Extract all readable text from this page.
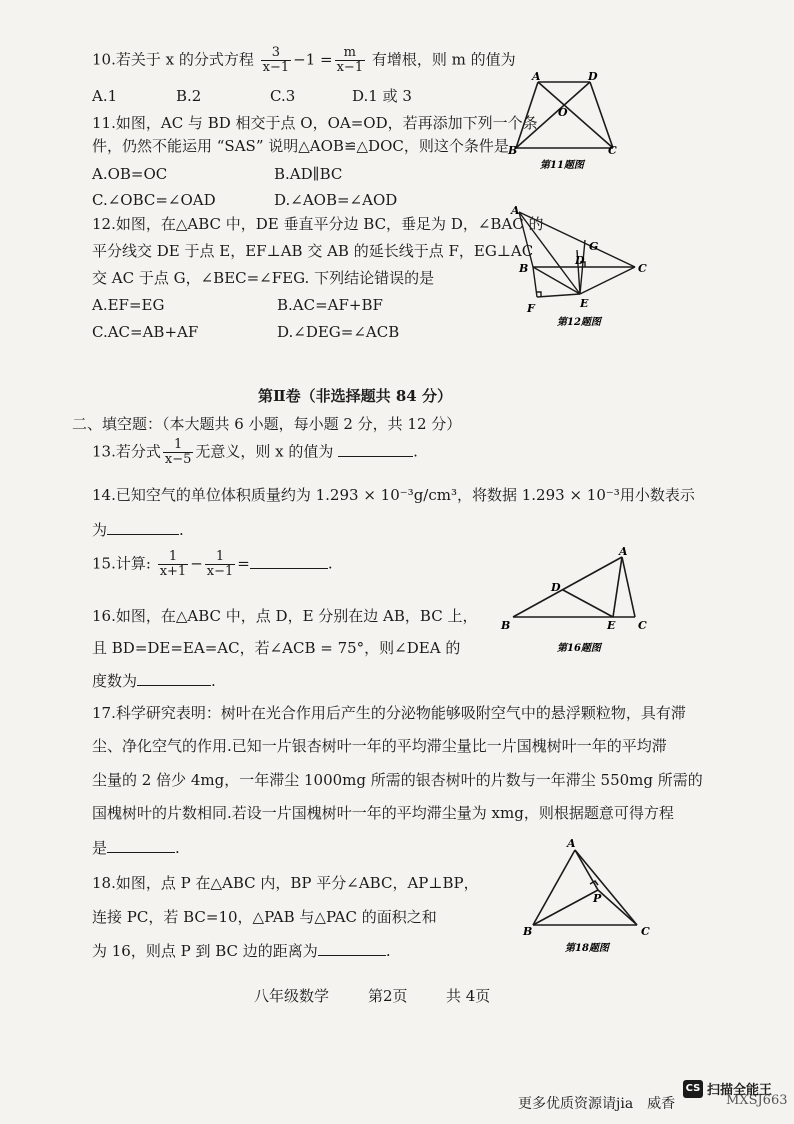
10.若关于 x 的分式方程 $\frac{3}{x-1} -1 = \frac{m}{x-1}$ 有增根，则 m 的值为
A.1	B.2	C.3	D.1 或 3
11.如图，AC 与 BD 相交于点 O，OA=OD，若再添加下列一个条
件，仍然不能运用 “SAS” 说明△AOB≌△DOC，则这个条件是
A.OB=OC	B.AD∥BC
C.∠OBC=∠OAD	D.∠AOB=∠AOD
A	D
O
B	C
第11题图
12.如图，在△ABC 中，DE 垂直平分边 BC，垂足为 D，∠BAC 的
平分线交 DE 于点 E，EF⊥AB 交 AB 的延长线于点 F，EG⊥AC
交 AC 于点 G，∠BEC=∠FEG. 下列结论错误的是
A.EF=EG	B.AC=AF+BF
C.AC=AB+AF	D.∠DEG=∠ACB
A
G
B
D
C
E
F
第12题图
第Ⅱ卷（非选择题共 84 分）
二、填空题：（本大题共 6 小题，每小题 2 分，共 12 分）
13.若分式 $\frac{1}{x-5}$ 无意义，则 x 的值为	.
14.已知空气的单位体积质量约为 1.293 × 10⁻³g/cm³，将数据 1.293 × 10⁻³用小数表示
为	.
15.计算: $\frac{1}{x+1} - \frac{1}{x-1}$ =	.
16.如图，在△ABC 中，点 D，E 分别在边 AB，BC 上，
且 BD=DE=EA=AC，若∠ACB = 75°，则∠DEA 的
度数为	.
A
D
B	E C
第16题图
17.科学研究表明：树叶在光合作用后产生的分泌物能够吸附空气中的悬浮颗粒物，具有滞
尘、净化空气的作用.已知一片银杏树叶一年的平均滞尘量比一片国槐树叶一年的平均滞
尘量的 2 倍少 4mg，一年滞尘 1000mg 所需的银杏树叶的片数与一年滞尘 550mg 所需的
国槐树叶的片数相同.若设一片国槐树叶一年的平均滞尘量为 xmg，则根据题意可得方程
是	.
18.如图，点 P 在△ABC 内，BP 平分∠ABC，AP⊥BP，
连接 PC，若 BC=10，△PAB 与△PAC 的面积之和
为 16，则点 P 到 BC 边的距离为	.
A
P
B	C
第18题图
八年级数学	第2页	共 4页
更多优质资源请jia　威香	MXSJ663
CS 扫描全能王
